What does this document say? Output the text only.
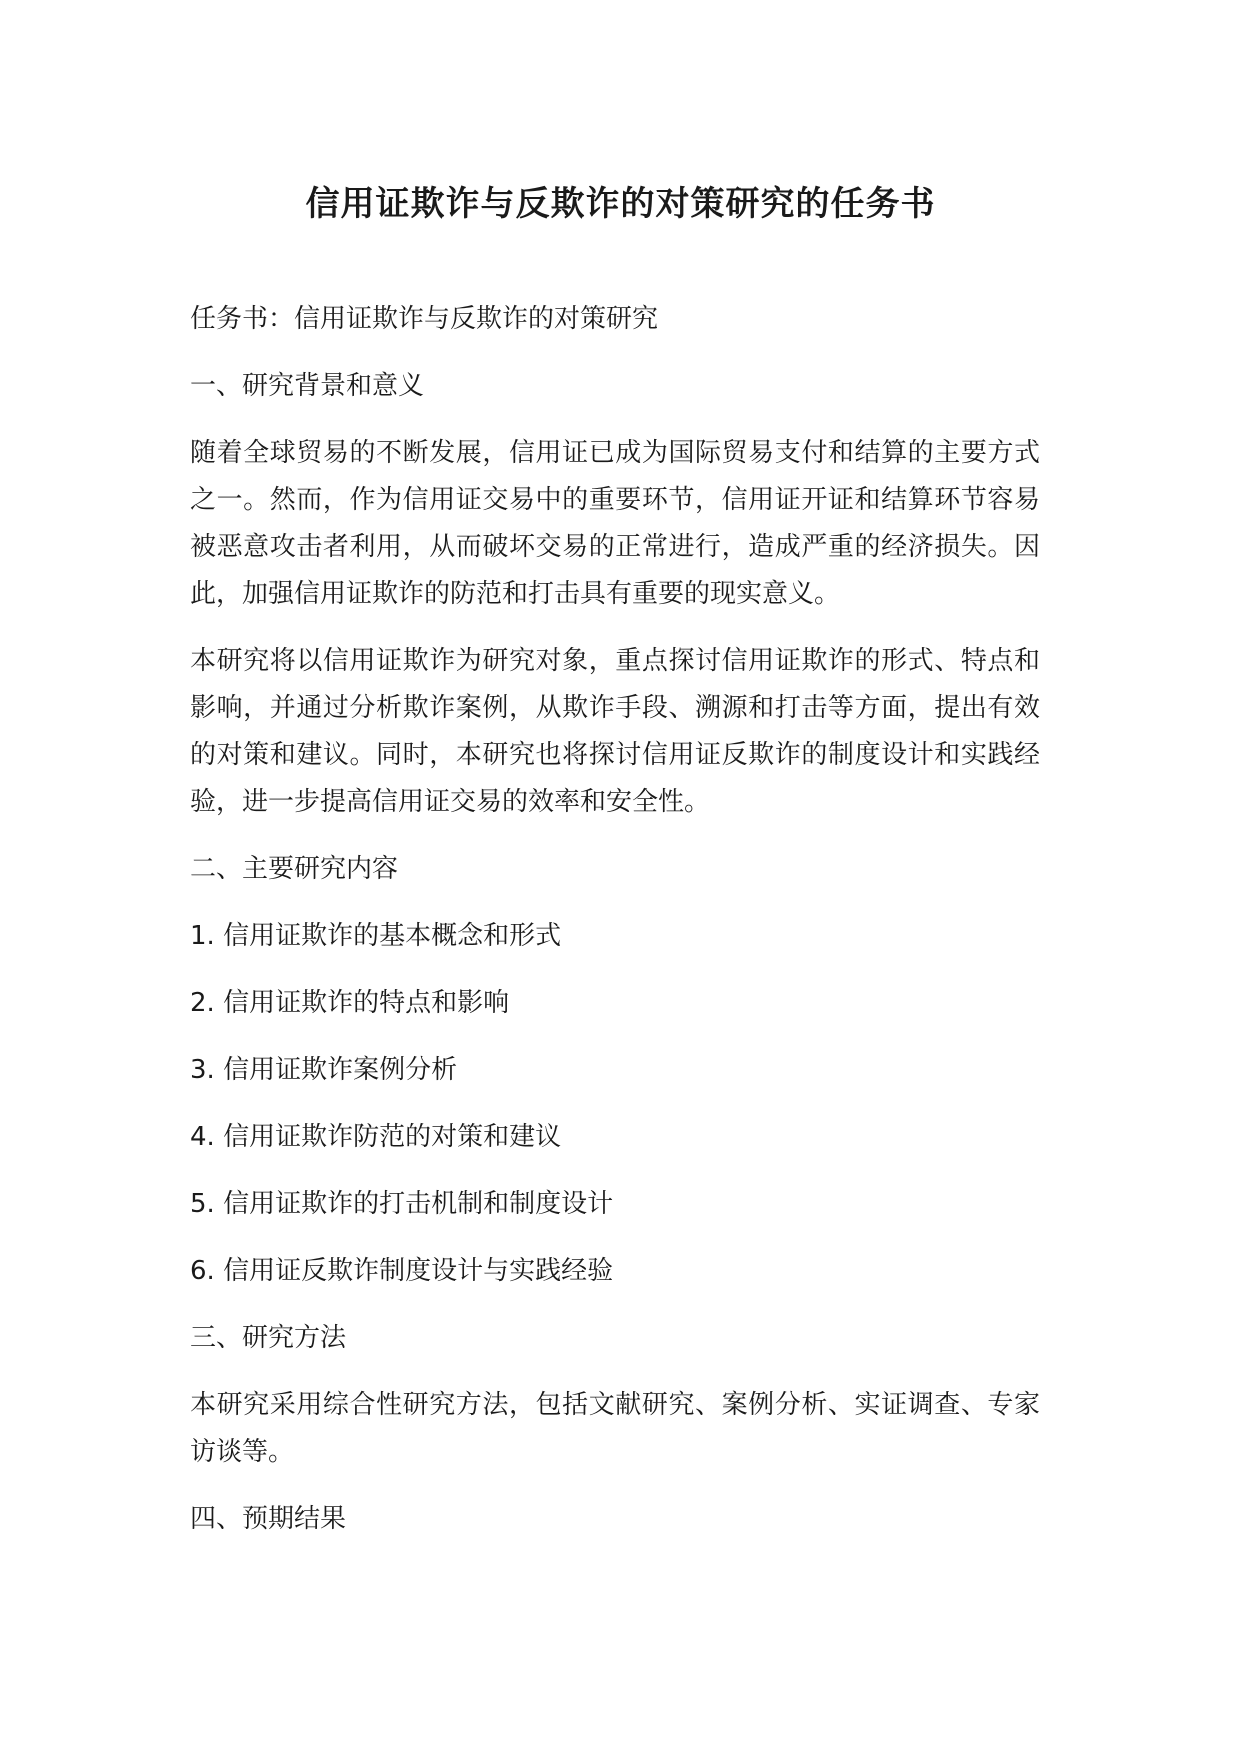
信用证欺诈与反欺诈的对策研究的任务书

任务书：信用证欺诈与反欺诈的对策研究

一、研究背景和意义

随着全球贸易的不断发展，信用证已成为国际贸易支付和结算的主要方式之一。然而，作为信用证交易中的重要环节，信用证开证和结算环节容易被恶意攻击者利用，从而破坏交易的正常进行，造成严重的经济损失。因此，加强信用证欺诈的防范和打击具有重要的现实意义。

本研究将以信用证欺诈为研究对象，重点探讨信用证欺诈的形式、特点和影响，并通过分析欺诈案例，从欺诈手段、溯源和打击等方面，提出有效的对策和建议。同时，本研究也将探讨信用证反欺诈的制度设计和实践经验，进一步提高信用证交易的效率和安全性。

二、主要研究内容

1. 信用证欺诈的基本概念和形式

2. 信用证欺诈的特点和影响

3. 信用证欺诈案例分析

4. 信用证欺诈防范的对策和建议

5. 信用证欺诈的打击机制和制度设计

6. 信用证反欺诈制度设计与实践经验

三、研究方法

本研究采用综合性研究方法，包括文献研究、案例分析、实证调查、专家访谈等。

四、预期结果
